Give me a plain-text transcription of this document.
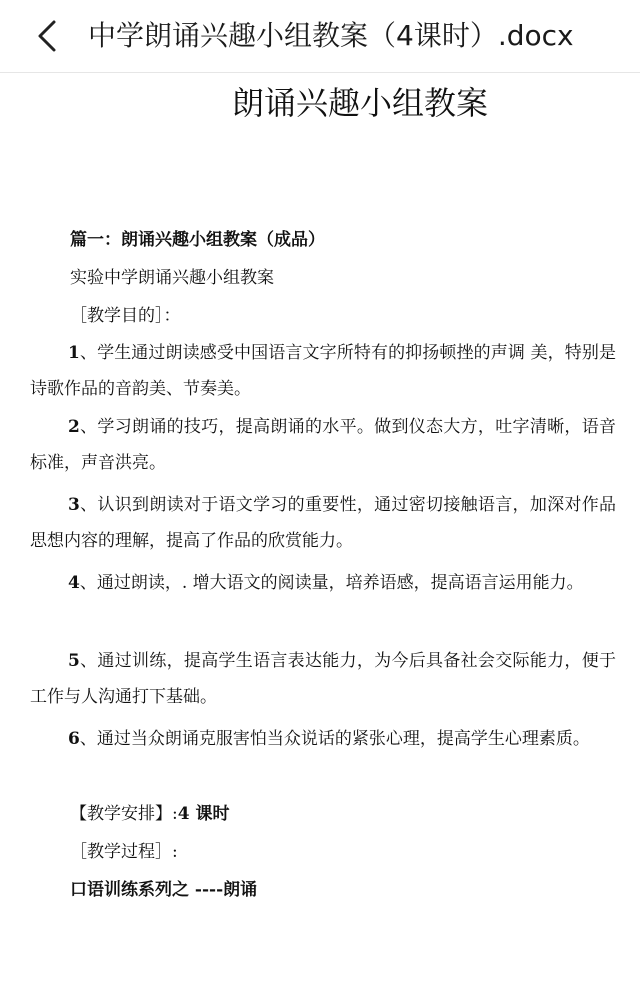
中学朗诵兴趣小组教案（4课时）.docx
朗诵兴趣小组教案
篇一：朗诵兴趣小组教案（成品）
实验中学朗诵兴趣小组教案
［教学目的］：
1、学生通过朗读感受中国语言文字所特有的抑扬顿挫的声调 美，特别是诗歌作品的音韵美、节奏美。
2、学习朗诵的技巧，提高朗诵的水平。做到仪态大方，吐字清晰，语音标准，声音洪亮。
3、认识到朗读对于语文学习的重要性，通过密切接触语言，加深对作品思想内容的理解，提高了作品的欣赏能力。
4、通过朗读，. 增大语文的阅读量，培养语感，提高语言运用能力。
5、通过训练，提高学生语言表达能力，为今后具备社会交际能力，便于工作与人沟通打下基础。
6、通过当众朗诵克服害怕当众说话的紧张心理，提高学生心理素质。
【教学安排】:4 课时
［教学过程］:
口语训练系列之 ----朗诵
